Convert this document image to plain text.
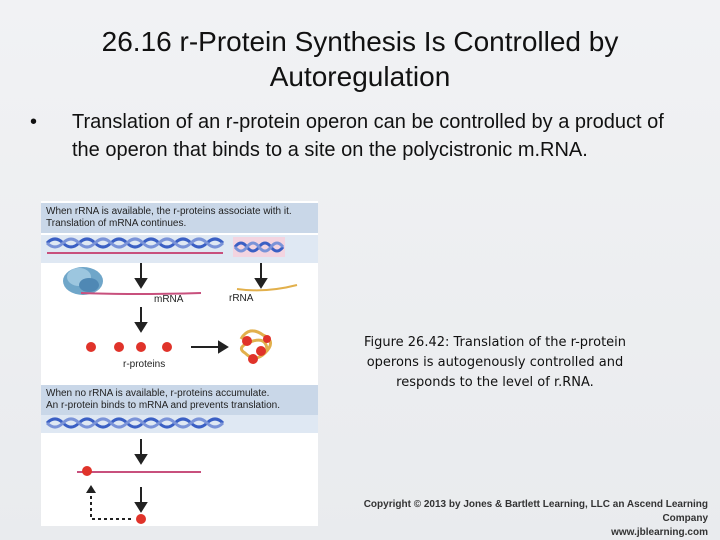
26.16 r-Protein Synthesis Is Controlled by
Autoregulation
• Translation of an r-protein operon can be controlled by a product of the operon that binds to a site on the polycistronic m.RNA.
When rRNA is available, the r-proteins associate with it.
Translation of mRNA continues.
mRNA	rRNA
r-proteins
When no rRNA is available, r-proteins accumulate.
An r-protein binds to mRNA and prevents translation.
Figure 26.42: Translation of the r-protein operons is autogenously controlled and responds to the level of r.RNA.
Copyright © 2013 by Jones & Bartlett Learning, LLC an Ascend Learning Company
www.jblearning.com
